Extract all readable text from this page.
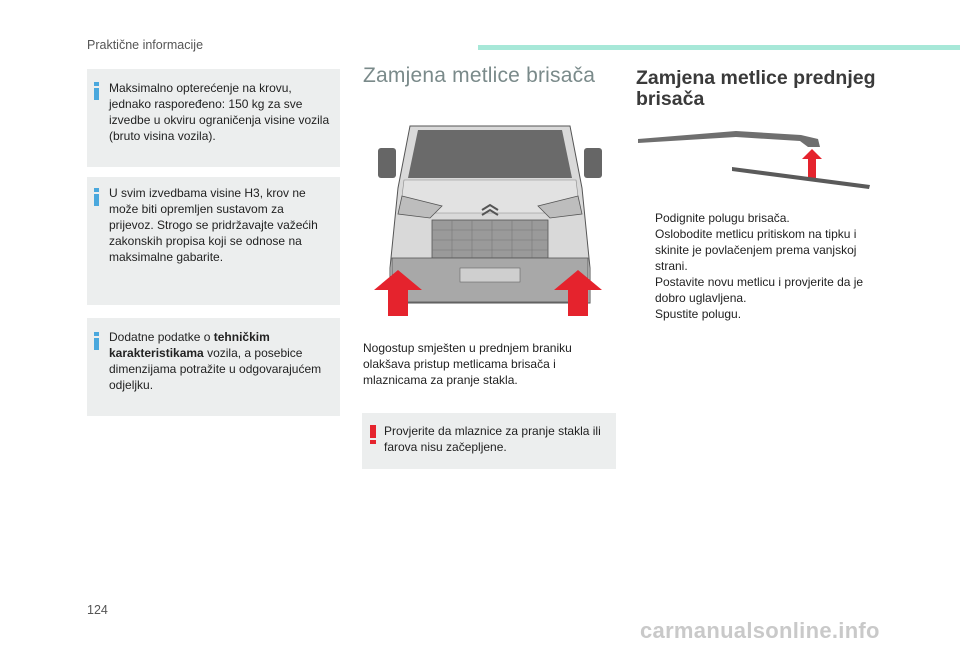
Praktične informacije
Maksimalno opterećenje na krovu, jednako raspoređeno: 150 kg za sve izvedbe u okviru ograničenja visine vozila (bruto visina vozila).
U svim izvedbama visine H3, krov ne može biti opremljen sustavom za prijevoz. Strogo se pridržavajte važećih zakonskih propisa koji se odnose na maksimalne gabarite.
Dodatne podatke o tehničkim karakteristikama vozila, a posebice dimenzijama potražite u odgovarajućem odjeljku.
Zamjena metlice brisača
Nogostup smješten u prednjem braniku olakšava pristup metlicama brisača i mlaznicama za pranje stakla.
Provjerite da mlaznice za pranje stakla ili farova nisu začepljene.
Zamjena metlice prednjeg brisača
Podignite polugu brisača.
Oslobodite metlicu pritiskom na tipku i skinite je povlačenjem prema vanjskoj strani.
Postavite novu metlicu i provjerite da je dobro uglavljena.
Spustite polugu.
124
carmanualsonline.info
